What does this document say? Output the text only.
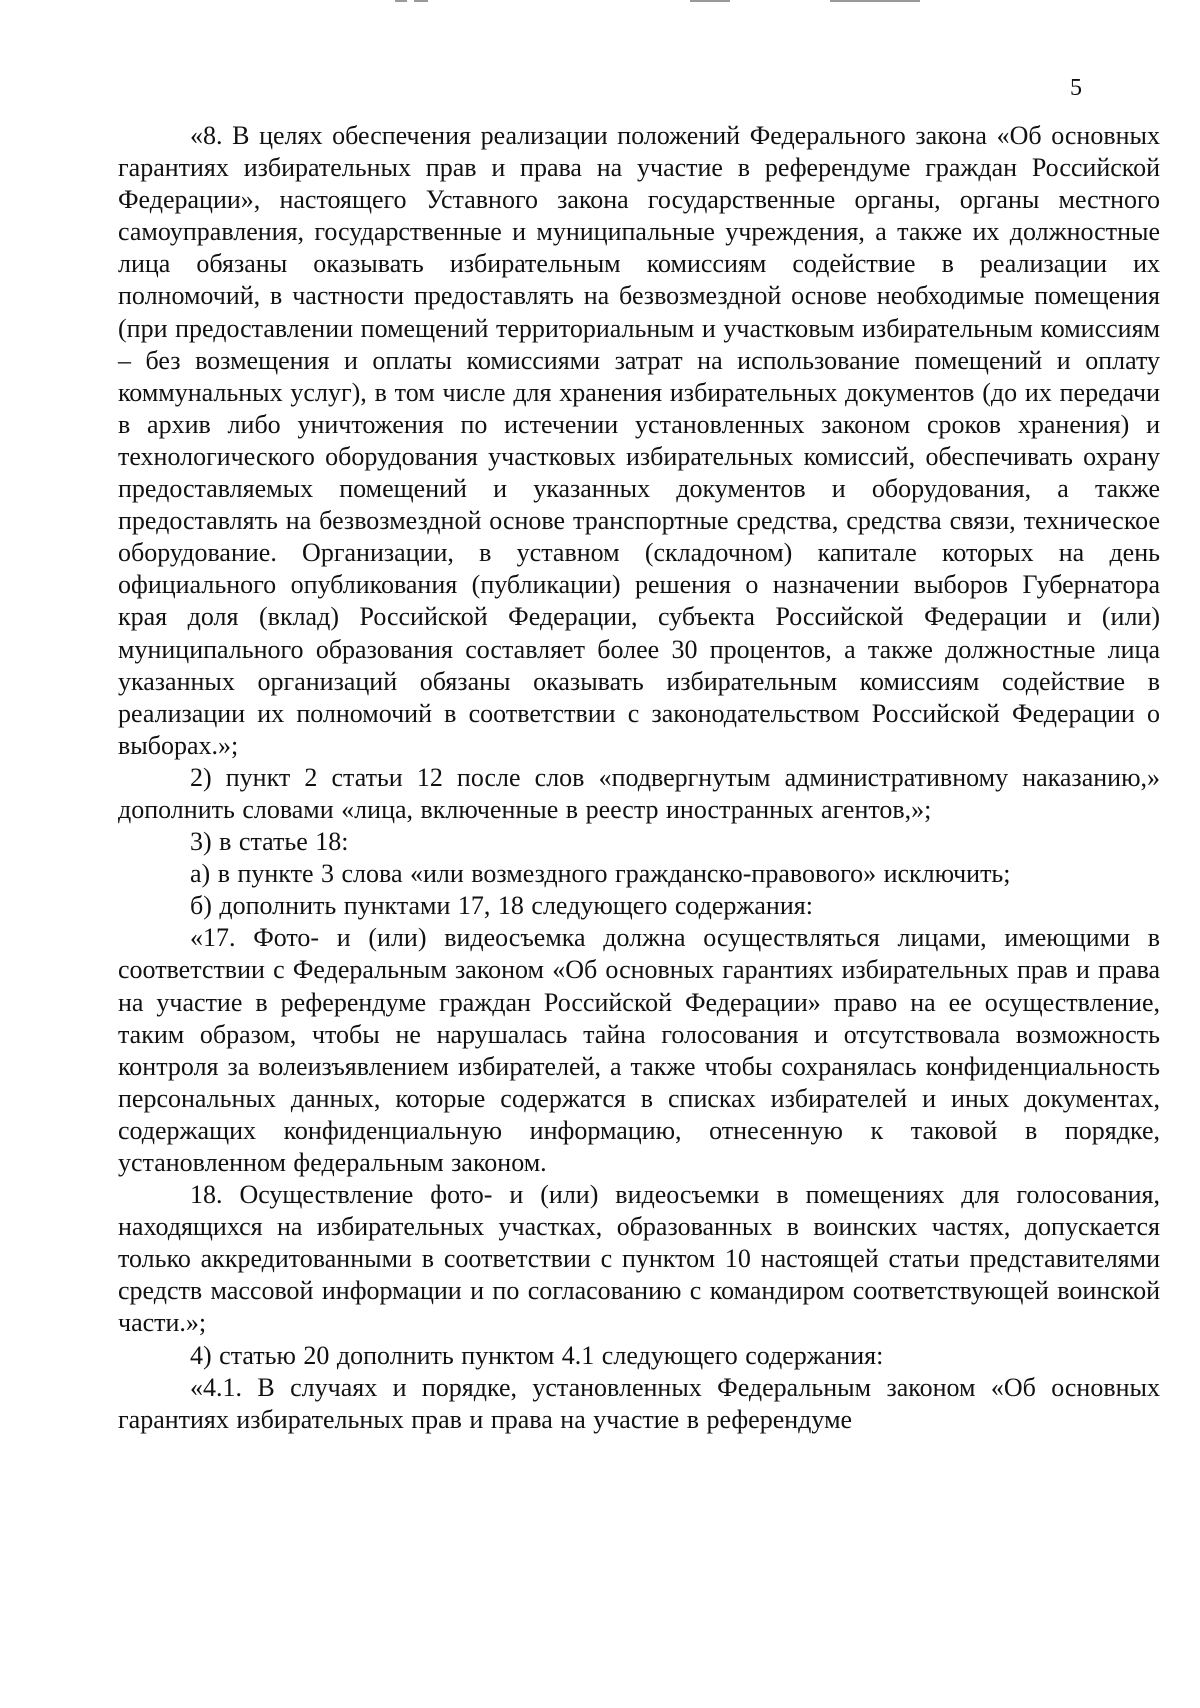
5

«8. В целях обеспечения реализации положений Федерального закона «Об основных гарантиях избирательных прав и права на участие в референдуме граждан Российской Федерации», настоящего Уставного закона государственные органы, органы местного самоуправления, государственные и муниципальные учреждения, а также их должностные лица обязаны оказывать избирательным комиссиям содействие в реализации их полномочий, в частности предоставлять на безвозмездной основе необходимые помещения (при предоставлении помещений территориальным и участковым избирательным комиссиям – без возмещения и оплаты комиссиями затрат на использование помещений и оплату коммунальных услуг), в том числе для хранения избирательных документов (до их передачи в архив либо уничтожения по истечении установленных законом сроков хранения) и технологического оборудования участковых избирательных комиссий, обеспечивать охрану предоставляемых помещений и указанных документов и оборудования, а также предоставлять на безвозмездной основе транспортные средства, средства связи, техническое оборудование. Организации, в уставном (складочном) капитале которых на день официального опубликования (публикации) решения о назначении выборов Губернатора края доля (вклад) Российской Федерации, субъекта Российской Федерации и (или) муниципального образования составляет более 30 процентов, а также должностные лица указанных организаций обязаны оказывать избирательным комиссиям содействие в реализации их полномочий в соответствии с законодательством Российской Федерации о выборах.»;

2) пункт 2 статьи 12 после слов «подвергнутым административному наказанию,» дополнить словами «лица, включенные в реестр иностранных агентов,»;

3) в статье 18:

а) в пункте 3 слова «или возмездного гражданско-правового» исключить;

б) дополнить пунктами 17, 18 следующего содержания:

«17. Фото- и (или) видеосъемка должна осуществляться лицами, имеющими в соответствии с Федеральным законом «Об основных гарантиях избирательных прав и права на участие в референдуме граждан Российской Федерации» право на ее осуществление, таким образом, чтобы не нарушалась тайна голосования и отсутствовала возможность контроля за волеизъявлением избирателей, а также чтобы сохранялась конфиденциальность персональных данных, которые содержатся в списках избирателей и иных документах, содержащих конфиденциальную информацию, отнесенную к таковой в порядке, установленном федеральным законом.

18. Осуществление фото- и (или) видеосъемки в помещениях для голосования, находящихся на избирательных участках, образованных в воинских частях, допускается только аккредитованными в соответствии с пунктом 10 настоящей статьи представителями средств массовой информации и по согласованию с командиром соответствующей воинской части.»;

4) статью 20 дополнить пунктом 4.1 следующего содержания:

«4.1. В случаях и порядке, установленных Федеральным законом «Об основных гарантиях избирательных прав и права на участие в референдуме
